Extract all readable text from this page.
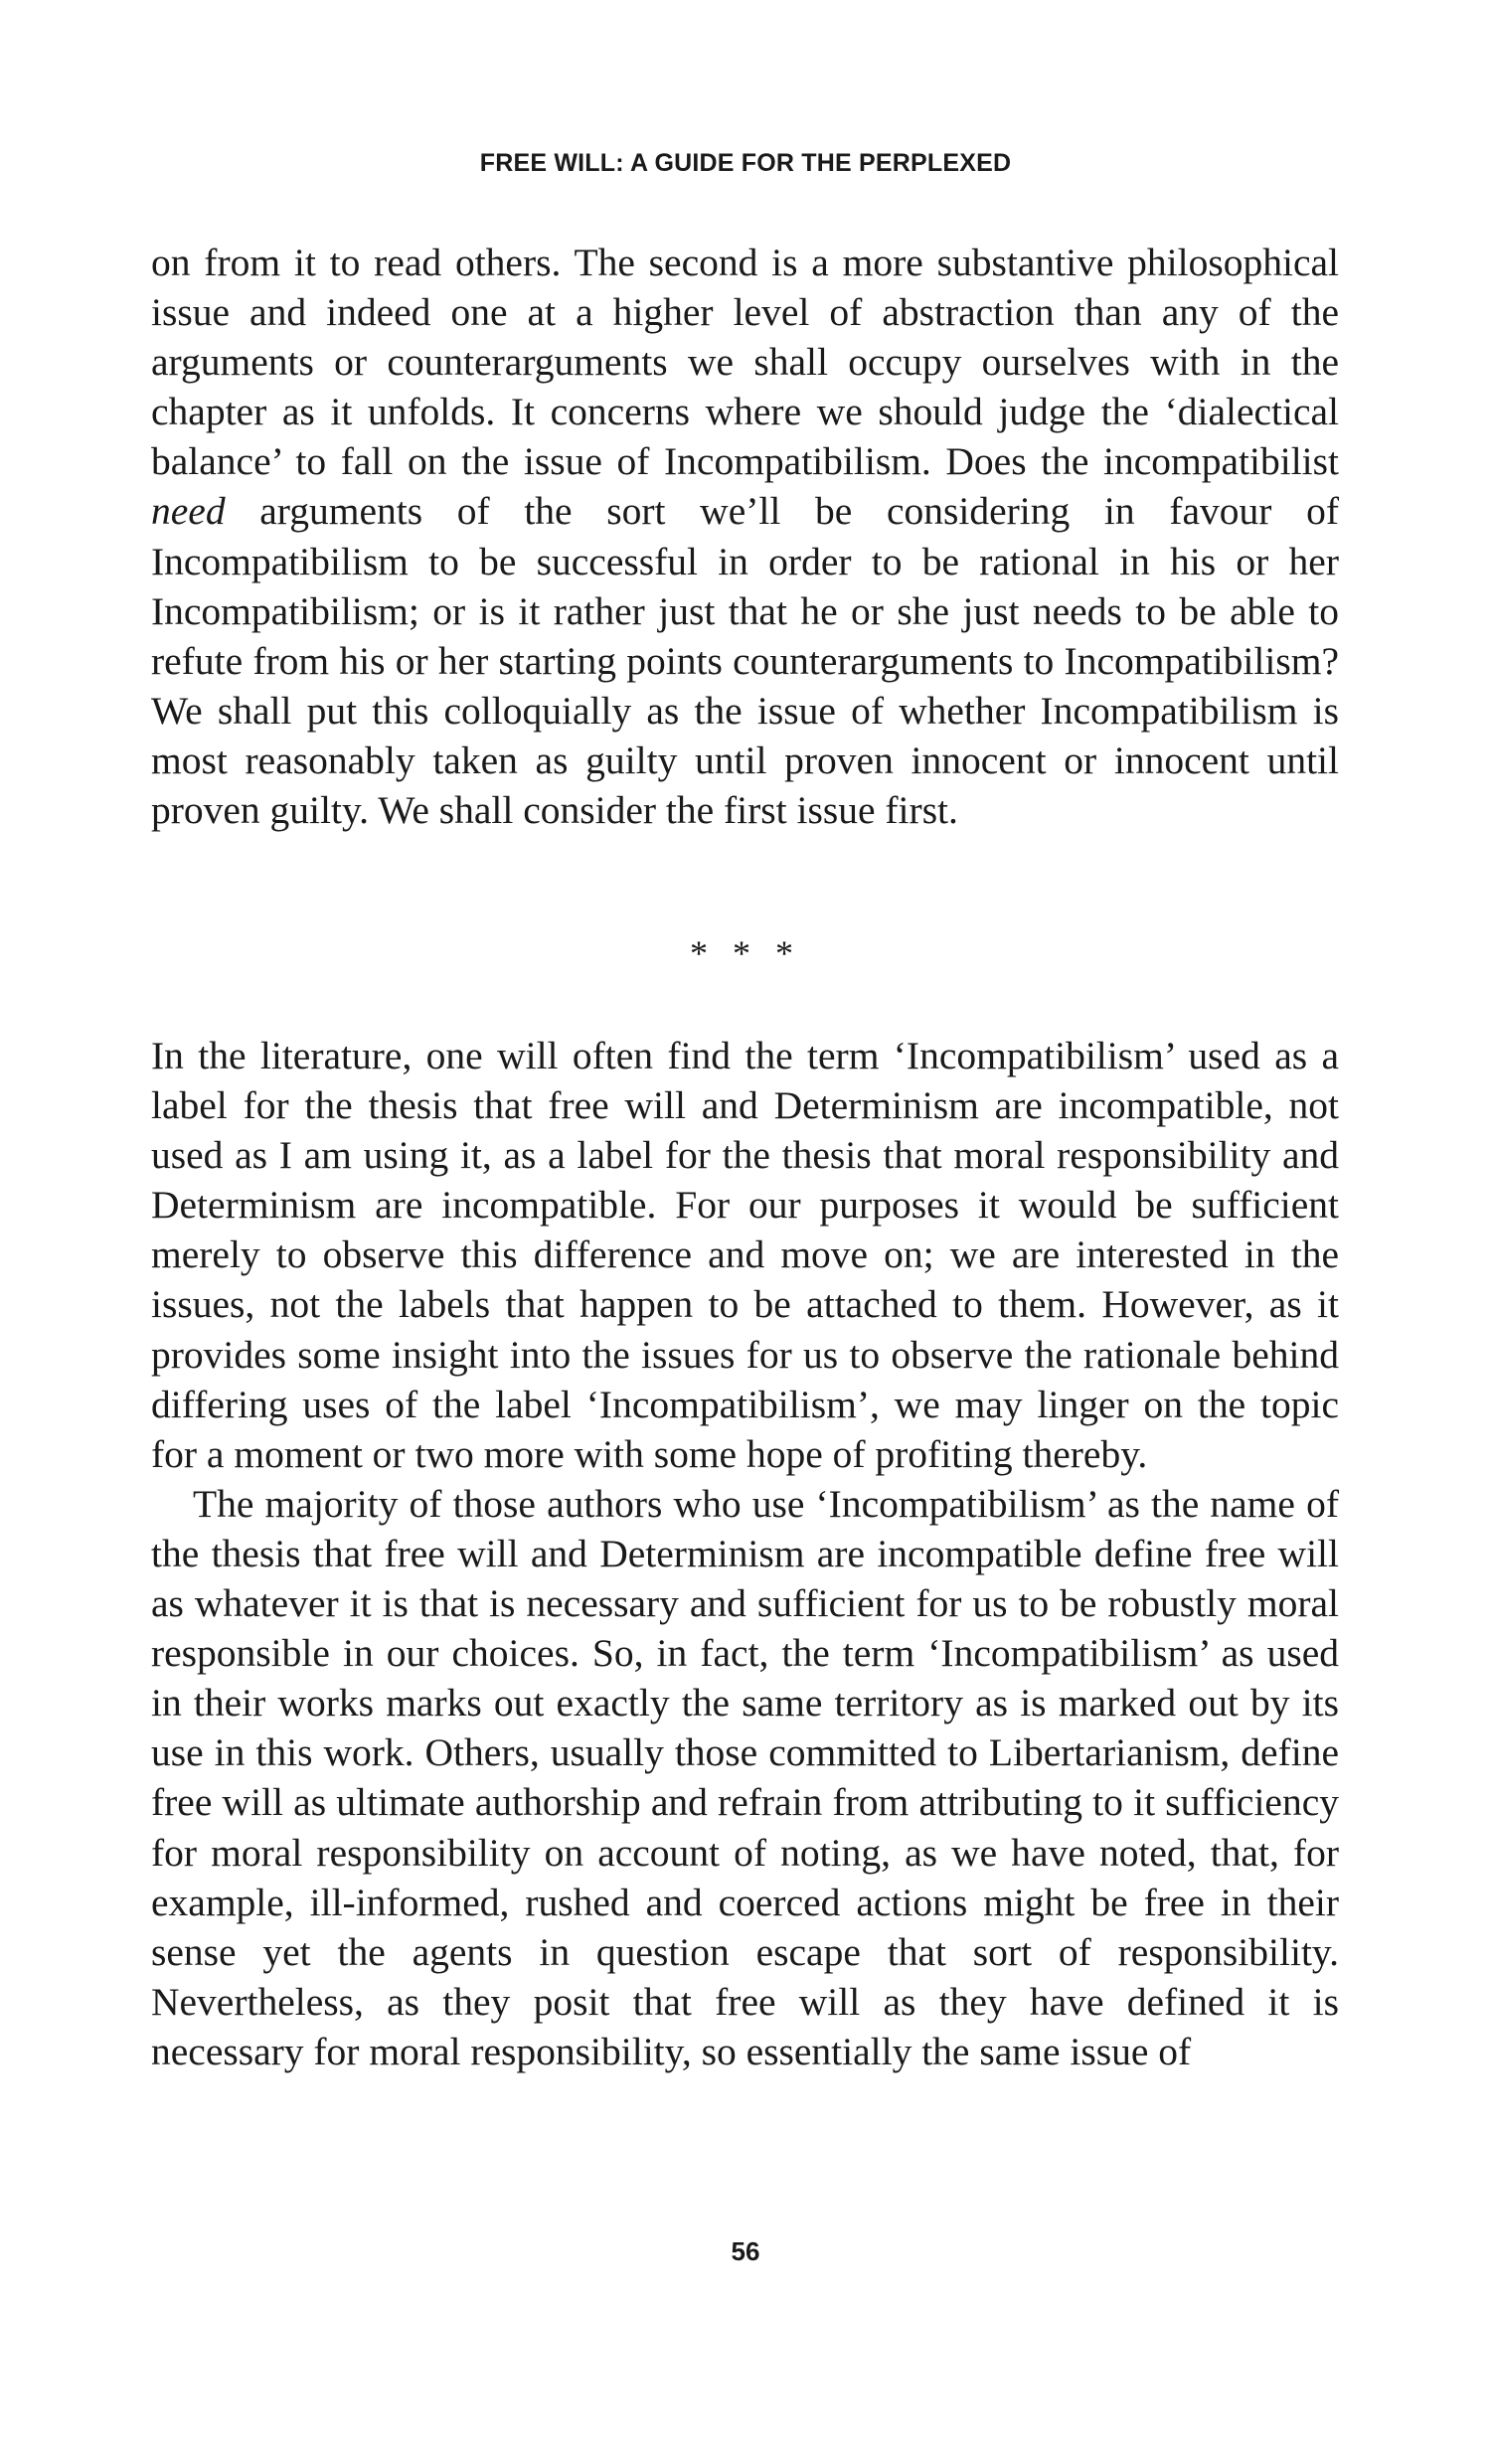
FREE WILL: A GUIDE FOR THE PERPLEXED

on from it to read others. The second is a more substantive philosophical issue and indeed one at a higher level of abstraction than any of the arguments or counterarguments we shall occupy ourselves with in the chapter as it unfolds. It concerns where we should judge the ‘dialectical balance’ to fall on the issue of Incompatibilism. Does the incompatibilist need arguments of the sort we’ll be considering in favour of Incompatibilism to be successful in order to be rational in his or her Incompatibilism; or is it rather just that he or she just needs to be able to refute from his or her starting points counterarguments to Incompatibilism? We shall put this colloquially as the issue of whether Incompatibilism is most reasonably taken as guilty until proven innocent or innocent until proven guilty. We shall consider the first issue first.

* * *

In the literature, one will often find the term ‘Incompatibilism’ used as a label for the thesis that free will and Determinism are incompatible, not used as I am using it, as a label for the thesis that moral responsibility and Determinism are incompatible. For our purposes it would be sufficient merely to observe this difference and move on; we are interested in the issues, not the labels that happen to be attached to them. However, as it provides some insight into the issues for us to observe the rationale behind differing uses of the label ‘Incompatibilism’, we may linger on the topic for a moment or two more with some hope of profiting thereby.

The majority of those authors who use ‘Incompatibilism’ as the name of the thesis that free will and Determinism are incompatible define free will as whatever it is that is necessary and sufficient for us to be robustly moral responsible in our choices. So, in fact, the term ‘Incompatibilism’ as used in their works marks out exactly the same territory as is marked out by its use in this work. Others, usually those committed to Libertarianism, define free will as ultimate authorship and refrain from attributing to it sufficiency for moral responsibility on account of noting, as we have noted, that, for example, ill-informed, rushed and coerced actions might be free in their sense yet the agents in question escape that sort of responsibility. Nevertheless, as they posit that free will as they have defined it is necessary for moral responsibility, so essentially the same issue of

56
